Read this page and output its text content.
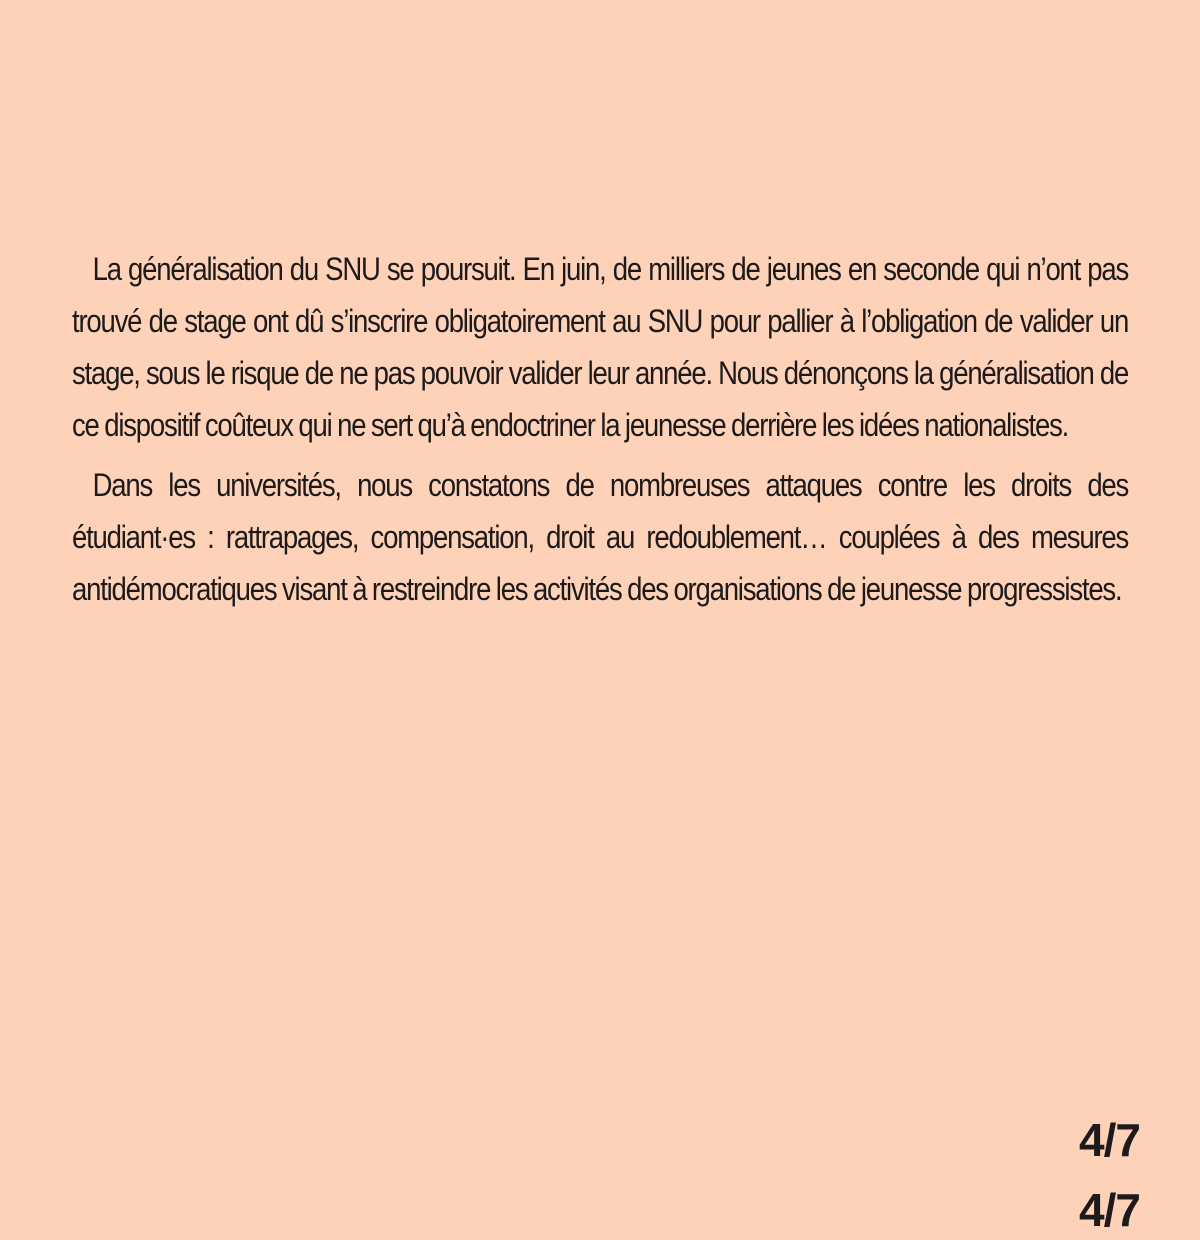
La généralisation du SNU se poursuit. En juin, de milliers de jeunes en seconde qui n’ont pas trouvé de stage ont dû s’inscrire obligatoirement au SNU pour pallier à l’obligation de valider un stage, sous le risque de ne pas pouvoir valider leur année. Nous dénonçons la généralisation de ce dispositif coûteux qui ne sert qu’à endoctriner la jeunesse derrière les idées nationalistes.

Dans les universités, nous constatons de nombreuses attaques contre les droits des étudiant·es : rattrapages, compensation, droit au redoublement… couplées à des mesures antidémocratiques visant à restreindre les activités des organisations de jeunesse progressistes.

4/7
4/7
